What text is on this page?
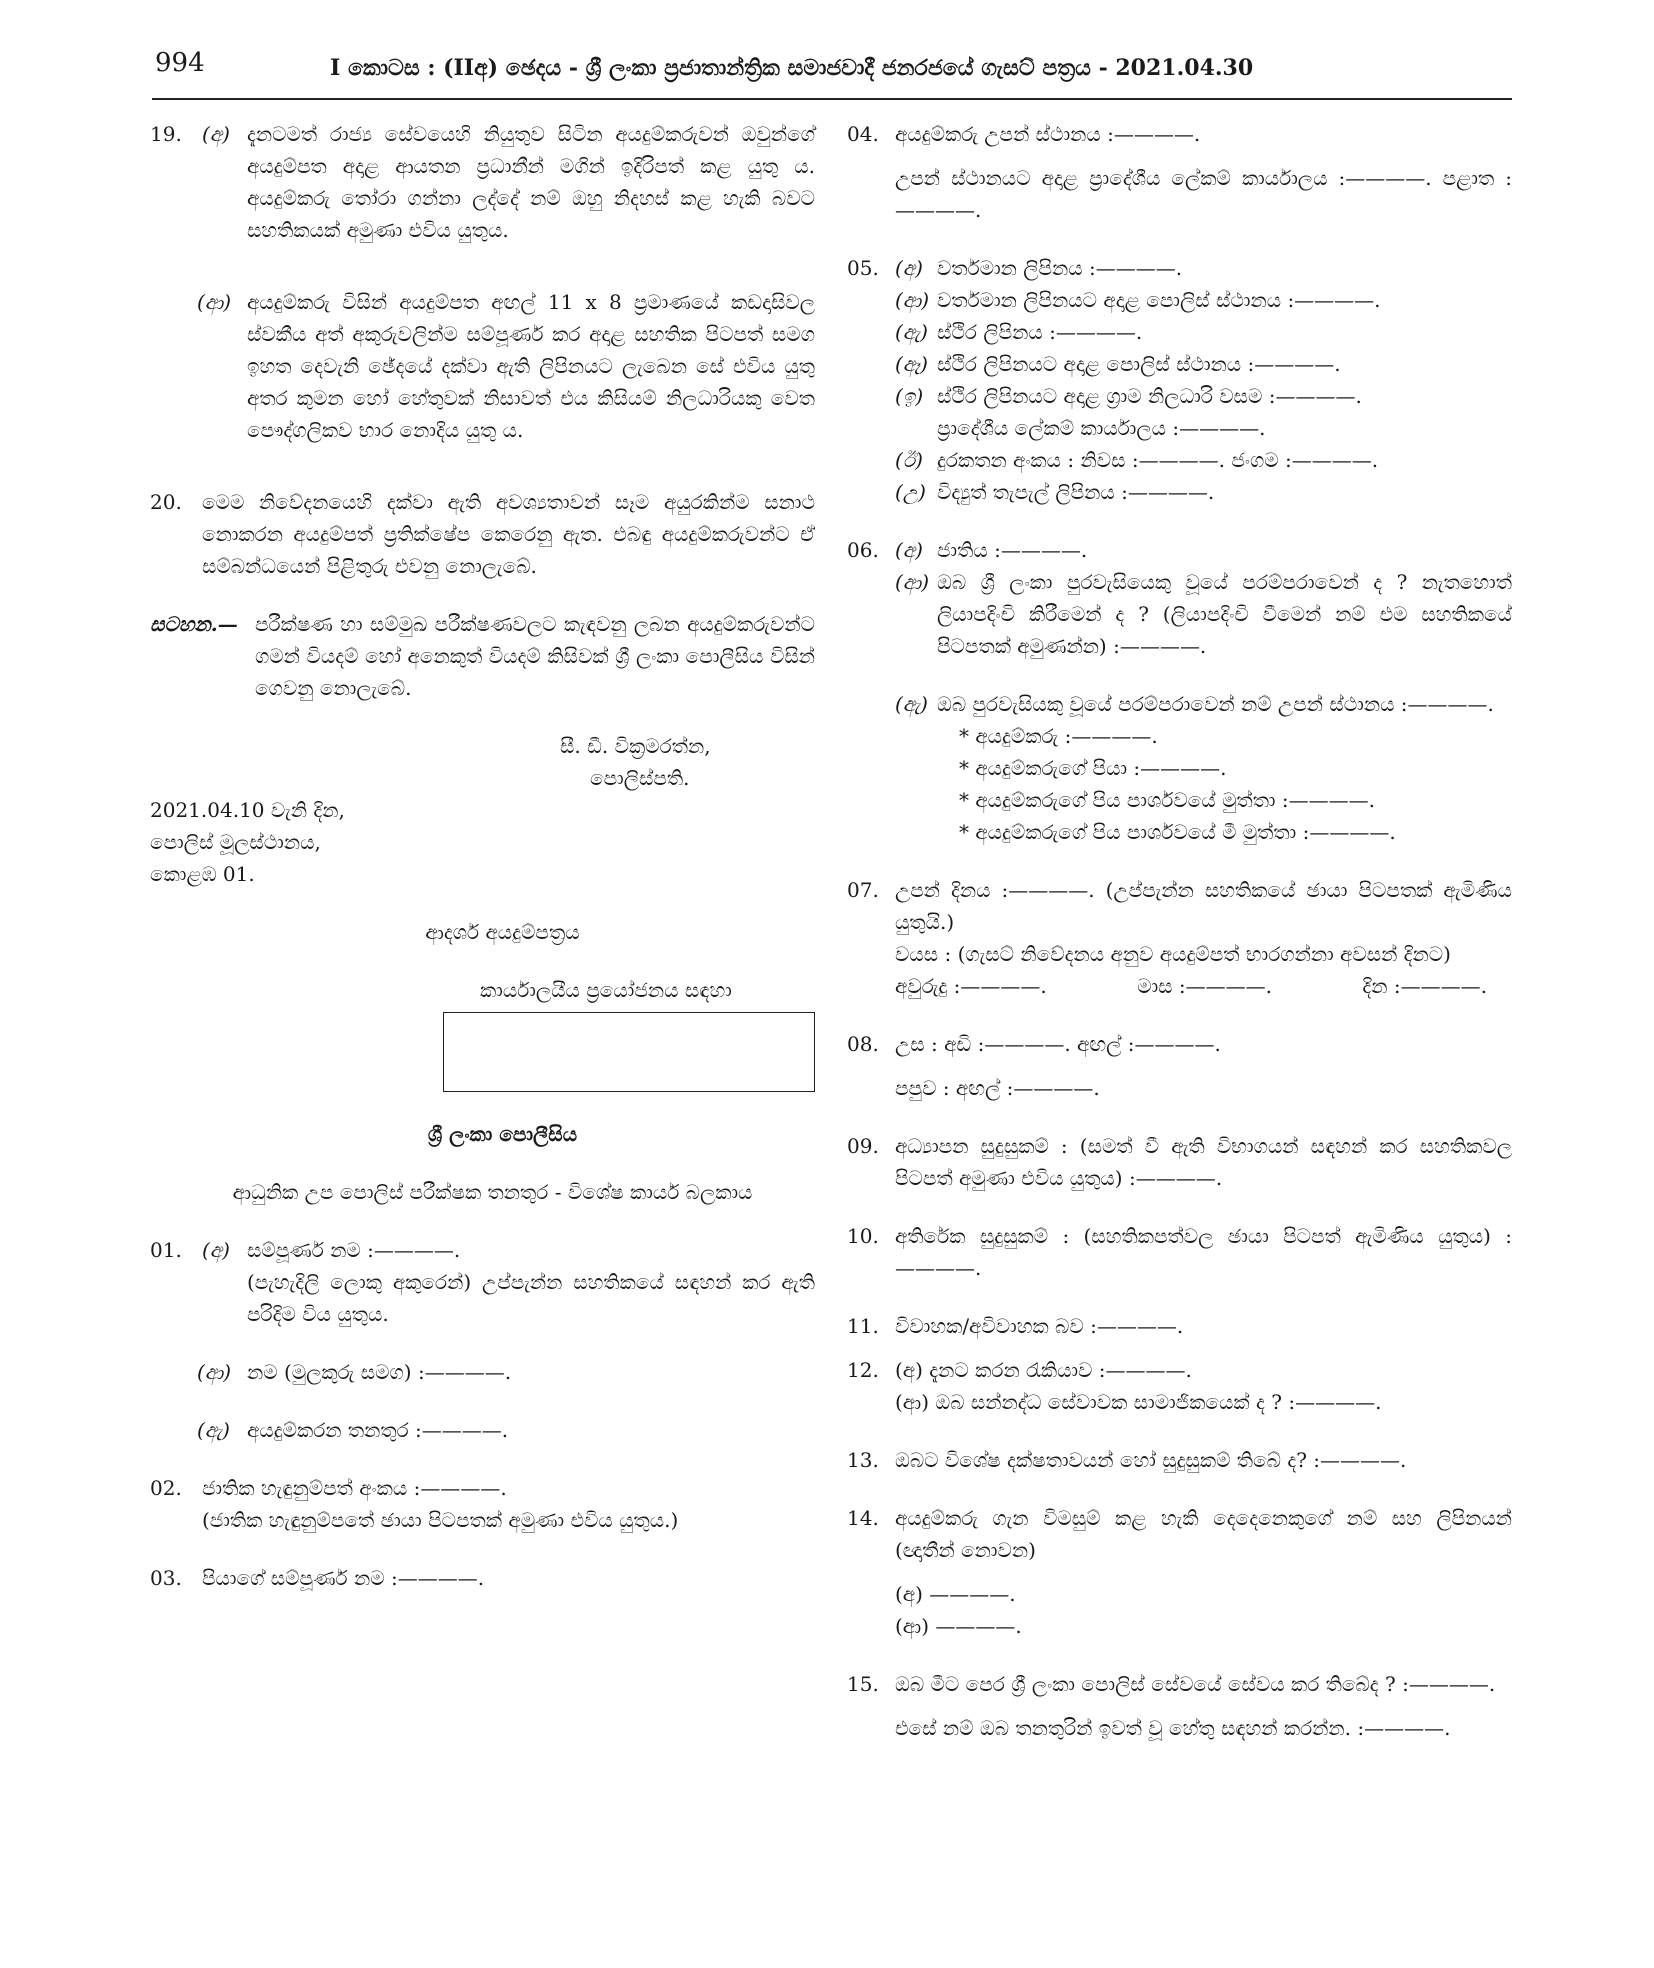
994	I කොටස : (IIඅ) ඡෙදය - ශ්‍රී ලංකා ප්‍රජාතාන්ත්‍රික සමාජවාදී ජනරජයේ ගැසට් පත්‍රය - 2021.04.30
19. (අ) දැනටමත් රාජ්‍ය සේවයෙහි නියුතුව සිටින අයදුම්කරුවන් ඔවුන්ගේ අයදුම්පත අදාළ ආයතන ප්‍රධානීන් මගින් ඉදිරිපත් කළ යුතු ය. අයදුම්කරු තෝරා ගන්නා ලද්දේ නම් ඔහු නිදහස් කළ හැකි බවට සහතිකයක් අමුණා එවිය යුතුය.
(ආ) අයදුම්කරු විසින් අයදුම්පත අඟල් 11 x 8 ප්‍රමාණයේ කඩදාසිවල ස්වකීය අත් අකුරුවලින්ම සම්පූර්ණ කර අදාළ සහතික පිටපත් සමග ඉහත දෙවැනි ඡේදයේ දක්වා ඇති ලිපිනයට ලැබෙන සේ එවිය යුතු අතර කුමන හෝ හේතුවක් නිසාවත් එය කිසියම් නිලධාරියකු වෙත පෞද්ගලිකව භාර නොදිය යුතු ය.
20. මෙම නිවේදනයෙහි දක්වා ඇති අවශ්‍යතාවන් සෑම අයුරකින්ම සනාථ නොකරන අයදුම්පත් ප්‍රතික්ෂේප කෙරෙනු ඇත. එබඳු අයදුම්කරුවන්ට ඒ සම්බන්ධයෙන් පිළිතුරු එවනු නොලැබේ.
සටහන.— පරීක්ෂණ හා සම්මුඛ පරීක්ෂණවලට කැඳවනු ලබන අයදුම්කරුවන්ට ගමන් වියදම් හෝ අනෙකුත් වියදම් කිසිවක් ශ්‍රී ලංකා පොලීසිය විසින් ගෙවනු නොලැබේ.
සී. ඩී. වික්‍රමරත්න,
පොලිස්පති.
2021.04.10 වැනි දින,
පොලිස් මූලස්ථානය,
කොළඹ 01.
ආදර්ශ අයදුම්පත්‍රය
කාර්යාලයීය ප්‍රයෝජනය සඳහා
ශ්‍රී ලංකා පොලීසිය
ආධුනික උප පොලිස් පරීක්ෂක තනතුර - විශේෂ කාර්ය බලකාය
01. (අ) සම්පූර්ණ නම :————.
(පැහැදිලි ලොකු අකුරෙන්) උප්පැන්න සහතිකයේ සඳහන් කර ඇති පරිදිම විය යුතුය.
(ආ) නම (මුලකුරු සමග) :————.
(ඇ) අයදුම්කරන තනතුර :————.
02. ජාතික හැඳුනුම්පත් අංකය :————.
(ජාතික හැඳුනුම්පතේ ඡායා පිටපතක් අමුණා එවිය යුතුය.)
03. පියාගේ සම්පූර්ණ නම :————.
04. අයදුම්කරු උපන් ස්ථානය :————.
උපන් ස්ථානයට අදාළ ප්‍රාදේශීය ලේකම් කාර්යාලය :————. පළාත :————.
05. (අ) වර්තමාන ලිපිනය :————.
(ආ) වර්තමාන ලිපිනයට අදාළ පොලිස් ස්ථානය :————.
(ඇ) ස්ථිර ලිපිනය :————.
(ඈ) ස්ථිර ලිපිනයට අදාළ පොලිස් ස්ථානය :————.
(ඉ) ස්ථිර ලිපිනයට අදාළ ග්‍රාම නිලධාරි වසම :————.
ප්‍රාදේශීය ලේකම් කාර්යාලය :————.
(ඊ) දුරකතන අංකය : නිවස :————. ජංගම :————.
(උ) විද්‍යුත් තැපැල් ලිපිනය :————.
06. (අ) ජාතිය :————.
(ආ) ඔබ ශ්‍රී ලංකා පුරවැසියෙකු වූයේ පරම්පරාවෙන් ද ? නැතහොත් ලියාපදිංචි කිරීමෙන් ද ? (ලියාපදිංචි වීමෙන් නම් එම සහතිකයේ පිටපතක් අමුණන්න) :————.
(ඇ) ඔබ පුරවැසියකු වූයේ පරම්පරාවෙන් නම් උපන් ස්ථානය :————.
* අයදුම්කරු :————.
* අයදුම්කරුගේ පියා :————.
* අයදුම්කරුගේ පිය පාර්ශවයේ මුත්තා :————.
* අයදුම්කරුගේ පිය පාර්ශවයේ මී මුත්තා :————.
07. උපන් දිනය :————. (උප්පැන්න සහතිකයේ ඡායා පිටපතක් ඇමිණිය යුතුයි.)
වයස : (ගැසට් නිවේදනය අනුව අයදුම්පත් භාරගන්නා අවසන් දිනට)
අවුරුදු :————.	මාස :————.	දින :————.
08. උස : අඩි :————. අඟල් :————.
පපුව : අඟල් :————.
09. අධ්‍යාපන සුදුසුකම් : (සමත් වී ඇති විභාගයන් සඳහන් කර සහතිකවල පිටපත් අමුණා එවිය යුතුය) :————.
10. අතිරේක සුදුසුකම් : (සහතිකපත්වල ඡායා පිටපත් ඇමිණිය යුතුය) :————.
11. විවාහක/අවිවාහක බව :————.
12. (අ) දැනට කරන රැකියාව :————.
(ආ) ඔබ සන්නද්ධ සේවාවක සාමාජිකයෙක් ද ? :————.
13. ඔබට විශේෂ දක්ෂතාවයන් හෝ සුදුසුකම් තිබේ ද? :————.
14. අයදුම්කරු ගැන විමසුම් කළ හැකි දෙදෙනෙකුගේ නම් සහ ලිපිනයන් (ඥාතීන් නොවන)
(අ) ————.
(ආ) ————.
15. ඔබ මීට පෙර ශ්‍රී ලංකා පොලිස් සේවයේ සේවය කර තිබේද ? :————.
එසේ නම් ඔබ තනතුරින් ඉවත් වූ හේතු සඳහන් කරන්න. :————.
